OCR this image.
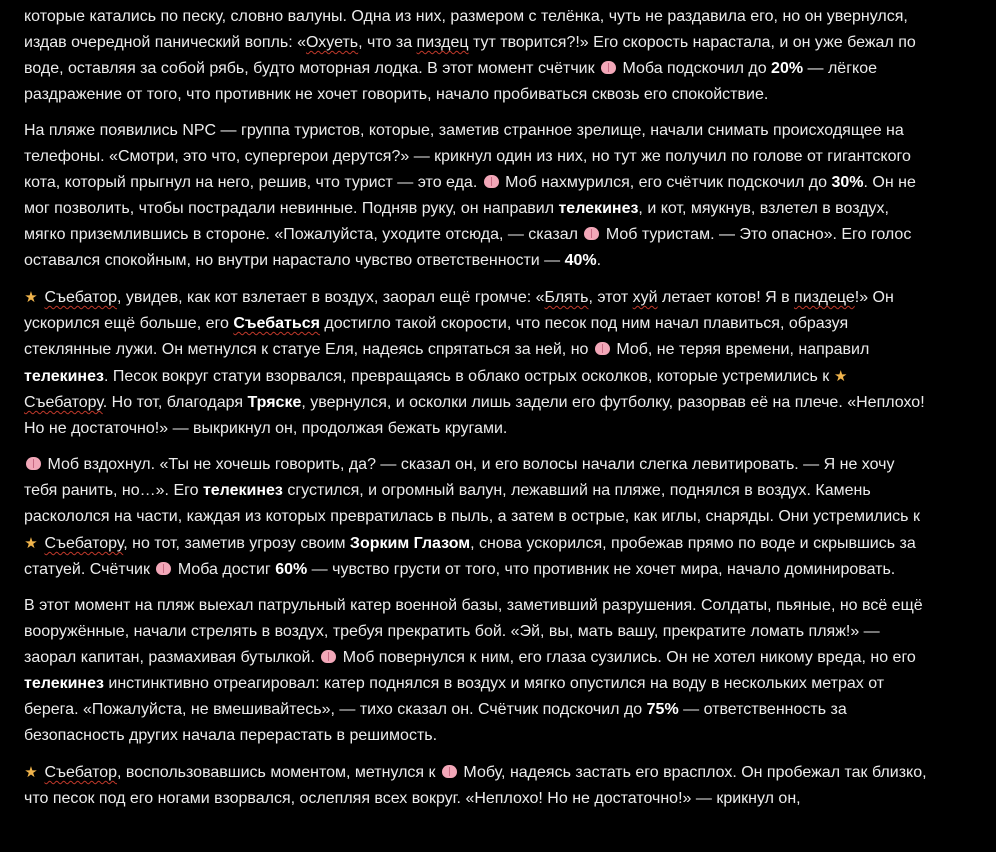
которые катались по песку, словно валуны. Одна из них, размером с телёнка, чуть не раздавила его, но он увернулся, издав очередной панический вопль: «Охуеть, что за пиздец тут творится?!» Его скорость нарастала, и он уже бежал по воде, оставляя за собой рябь, будто моторная лодка. В этот момент счётчик  Моба подскочил до 20% — лёгкое раздражение от того, что противник не хочет говорить, начало пробиваться сквозь его спокойствие.

На пляже появились NPC — группа туристов, которые, заметив странное зрелище, начали снимать происходящее на телефоны. «Смотри, это что, супергерои дерутся?» — крикнул один из них, но тут же получил по голове от гигантского кота, который прыгнул на него, решив, что турист — это еда.  Моб нахмурился, его счётчик подскочил до 30%. Он не мог позволить, чтобы пострадали невинные. Подняв руку, он направил телекинез, и кот, мяукнув, взлетел в воздух, мягко приземлившись в стороне. «Пожалуйста, уходите отсюда, — сказал  Моб туристам. — Это опасно». Его голос оставался спокойным, но внутри нарастало чувство ответственности — 40%.

★ Съебатор, увидев, как кот взлетает в воздух, заорал ещё громче: «Блять, этот хуй летает котов! Я в пиздеце!» Он ускорился ещё больше, его Съебаться достигло такой скорости, что песок под ним начал плавиться, образуя стеклянные лужи. Он метнулся к статуе Еля, надеясь спрятаться за ней, но  Моб, не теряя времени, направил телекинез. Песок вокруг статуи взорвался, превращаясь в облако острых осколков, которые устремились к ★ Съебатору. Но тот, благодаря Тряске, увернулся, и осколки лишь задели его футболку, разорвав её на плече. «Неплохо! Но не достаточно!» — выкрикнул он, продолжая бежать кругами.

Моб вздохнул. «Ты не хочешь говорить, да? — сказал он, и его волосы начали слегка левитировать. — Я не хочу тебя ранить, но…». Его телекинез сгустился, и огромный валун, лежавший на пляже, поднялся в воздух. Камень раскололся на части, каждая из которых превратилась в пыль, а затем в острые, как иглы, снаряды. Они устремились к ★ Съебатору, но тот, заметив угрозу своим Зорким Глазом, снова ускорился, пробежав прямо по воде и скрывшись за статуей. Счётчик  Моба достиг 60% — чувство грусти от того, что противник не хочет мира, начало доминировать.

В этот момент на пляж выехал патрульный катер военной базы, заметивший разрушения. Солдаты, пьяные, но всё ещё вооружённые, начали стрелять в воздух, требуя прекратить бой. «Эй, вы, мать вашу, прекратите ломать пляж!» — заорал капитан, размахивая бутылкой.  Моб повернулся к ним, его глаза сузились. Он не хотел никому вреда, но его телекинез инстинктивно отреагировал: катер поднялся в воздух и мягко опустился на воду в нескольких метрах от берега. «Пожалуйста, не вмешивайтесь», — тихо сказал он. Счётчик подскочил до 75% — ответственность за безопасность других начала перерастать в решимость.

★ Съебатор, воспользовавшись моментом, метнулся к  Мобу, надеясь застать его врасплох. Он пробежал так близко, что песок под его ногами взорвался, ослепляя всех вокруг. «Неплохо! Но не достаточно!» — крикнул он,
